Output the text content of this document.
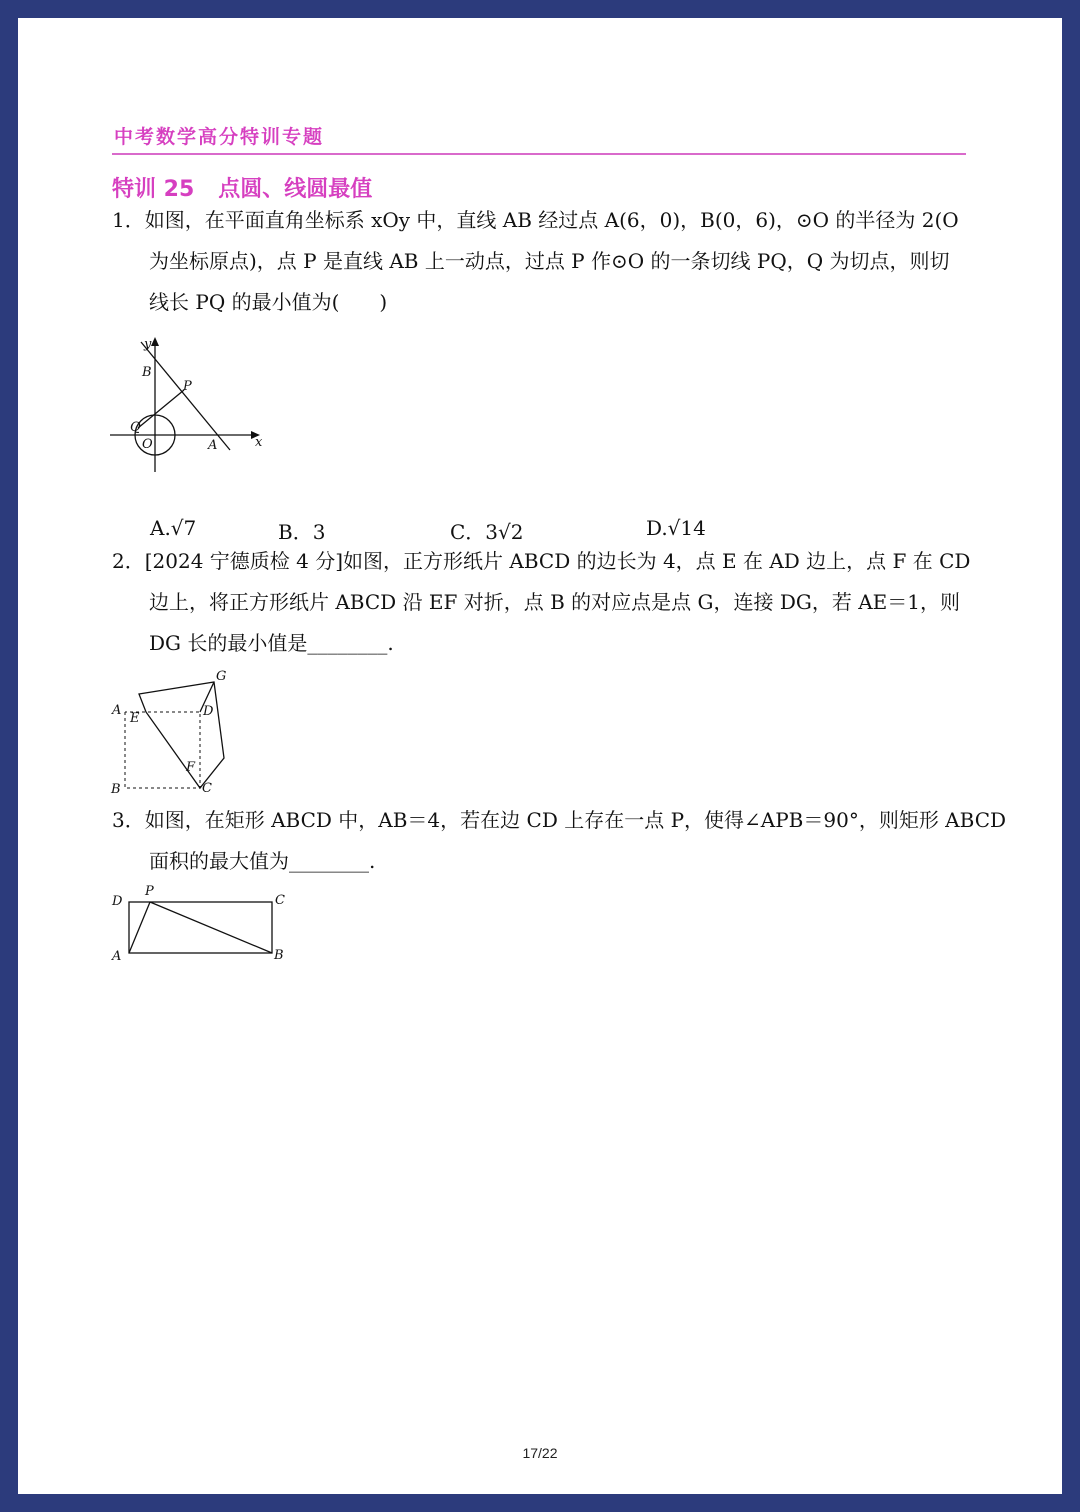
中考数学高分特训专题
特训 25 点圆、线圆最值
1．如图，在平面直角坐标系 xOy 中，直线 AB 经过点 A(6，0)，B(0，6)，⊙O 的半径为 2(O
为坐标原点)，点 P 是直线 AB 上一动点，过点 P 作⊙O 的一条切线 PQ，Q 为切点，则切
线长 PQ 的最小值为(　　)
y
B
P
Q
O	A	x
A.√7	B．3	C．3√2	D.√14
2．[2024 宁德质检 4 分]如图，正方形纸片 ABCD 的边长为 4，点 E 在 AD 边上，点 F 在 CD
边上，将正方形纸片 ABCD 沿 EF 对折，点 B 的对应点是点 G，连接 DG，若 AE＝1，则
DG 长的最小值是________.
G
A
E	D
F
B	C
3．如图，在矩形 ABCD 中，AB＝4，若在边 CD 上存在一点 P，使得∠APB＝90°，则矩形 ABCD
面积的最大值为________.
D
P
C
A	B
17/22
